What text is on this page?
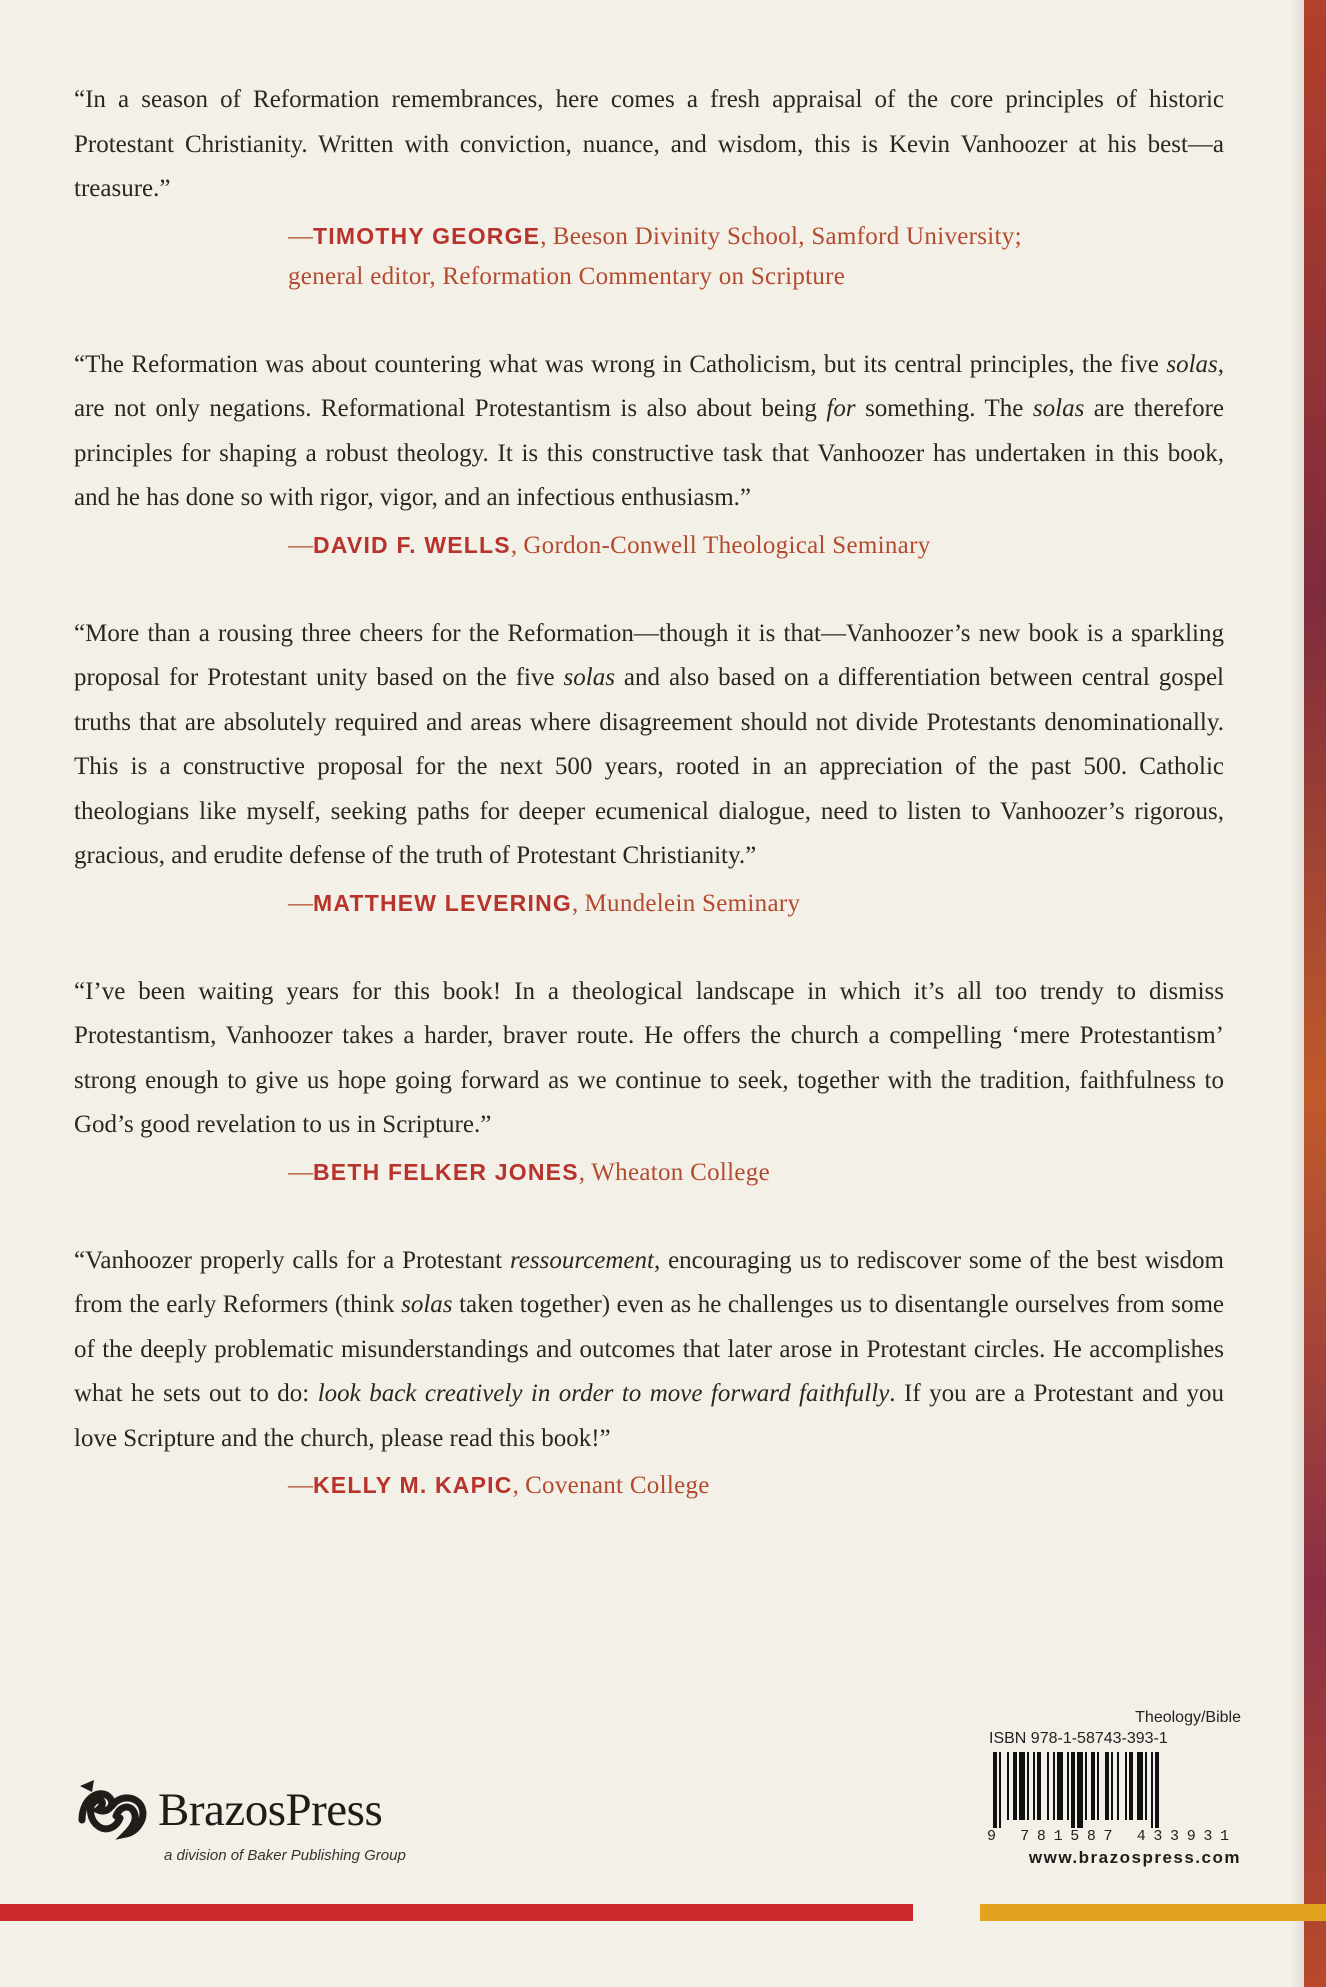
“In a season of Reformation remembrances, here comes a fresh appraisal of the core principles of historic Protestant Christianity. Written with conviction, nuance, and wisdom, this is Kevin Vanhoozer at his best—a treasure.”

—TIMOTHY GEORGE, Beeson Divinity School, Samford University;
general editor, Reformation Commentary on Scripture

“The Reformation was about countering what was wrong in Catholicism, but its central principles, the five solas, are not only negations. Reformational Protestantism is also about being for something. The solas are therefore principles for shaping a robust theology. It is this constructive task that Vanhoozer has undertaken in this book, and he has done so with rigor, vigor, and an infectious enthusiasm.”

—DAVID F. WELLS, Gordon-Conwell Theological Seminary

“More than a rousing three cheers for the Reformation—though it is that—Vanhoozer’s new book is a sparkling proposal for Protestant unity based on the five solas and also based on a differentiation between central gospel truths that are absolutely required and areas where disagreement should not divide Protestants denominationally. This is a constructive proposal for the next 500 years, rooted in an appreciation of the past 500. Catholic theologians like myself, seeking paths for deeper ecumenical dialogue, need to listen to Vanhoozer’s rigorous, gracious, and erudite defense of the truth of Protestant Christianity.”

—MATTHEW LEVERING, Mundelein Seminary

“I’ve been waiting years for this book! In a theological landscape in which it’s all too trendy to dismiss Protestantism, Vanhoozer takes a harder, braver route. He offers the church a compelling ‘mere Protestantism’ strong enough to give us hope going forward as we continue to seek, together with the tradition, faithfulness to God’s good revelation to us in Scripture.”

—BETH FELKER JONES, Wheaton College

“Vanhoozer properly calls for a Protestant ressourcement, encouraging us to rediscover some of the best wisdom from the early Reformers (think solas taken together) even as he challenges us to disentangle ourselves from some of the deeply problematic misunderstandings and outcomes that later arose in Protestant circles. He accomplishes what he sets out to do: look back creatively in order to move forward faithfully. If you are a Protestant and you love Scripture and the church, please read this book!”

—KELLY M. KAPIC, Covenant College
BrazosPress
a division of Baker Publishing Group
Theology/Bible
ISBN 978-1-58743-393-1
9 781587 433931
www.brazospress.com
